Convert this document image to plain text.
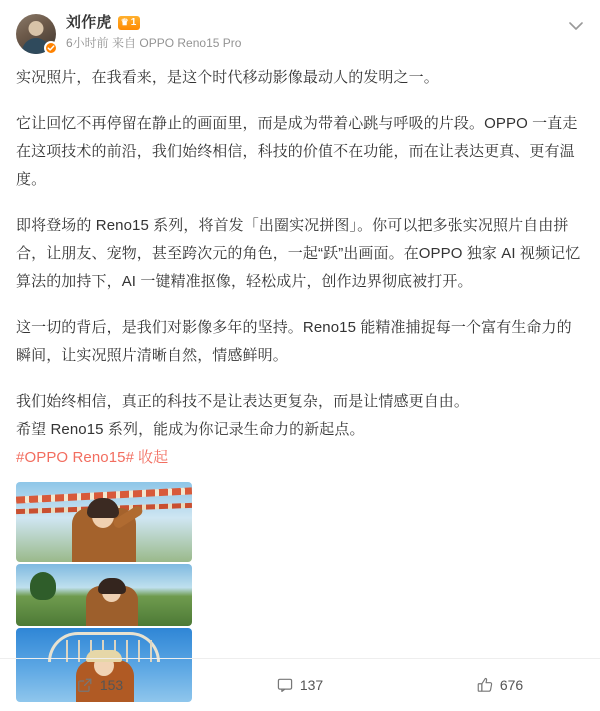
刘作虎 ♛ 1
6小时前 来自 OPPO Reno15 Pro

实况照片，在我看来，是这个时代移动影像最动人的发明之一。

它让回忆不再停留在静止的画面里，而是成为带着心跳与呼吸的片段。OPPO 一直走在这项技术的前沿，我们始终相信，科技的价值不在功能，而在让表达更真、更有温度。

即将登场的 Reno15 系列，将首发「出圈实况拼图」。你可以把多张实况照片自由拼合，让朋友、宠物，甚至跨次元的角色，一起“跃”出画面。在OPPO 独家 AI 视频记忆算法的加持下，AI 一键精准抠像，轻松成片，创作边界彻底被打开。

这一切的背后，是我们对影像多年的坚持。Reno15 能精准捕捉每一个富有生命力的瞬间，让实况照片清晰自然，情感鲜明。

我们始终相信，真正的科技不是让表达更复杂，而是让情感更自由。

希望 Reno15 系列，能成为你记录生命力的新起点。

#OPPO Reno15# 收起

153	137	676
